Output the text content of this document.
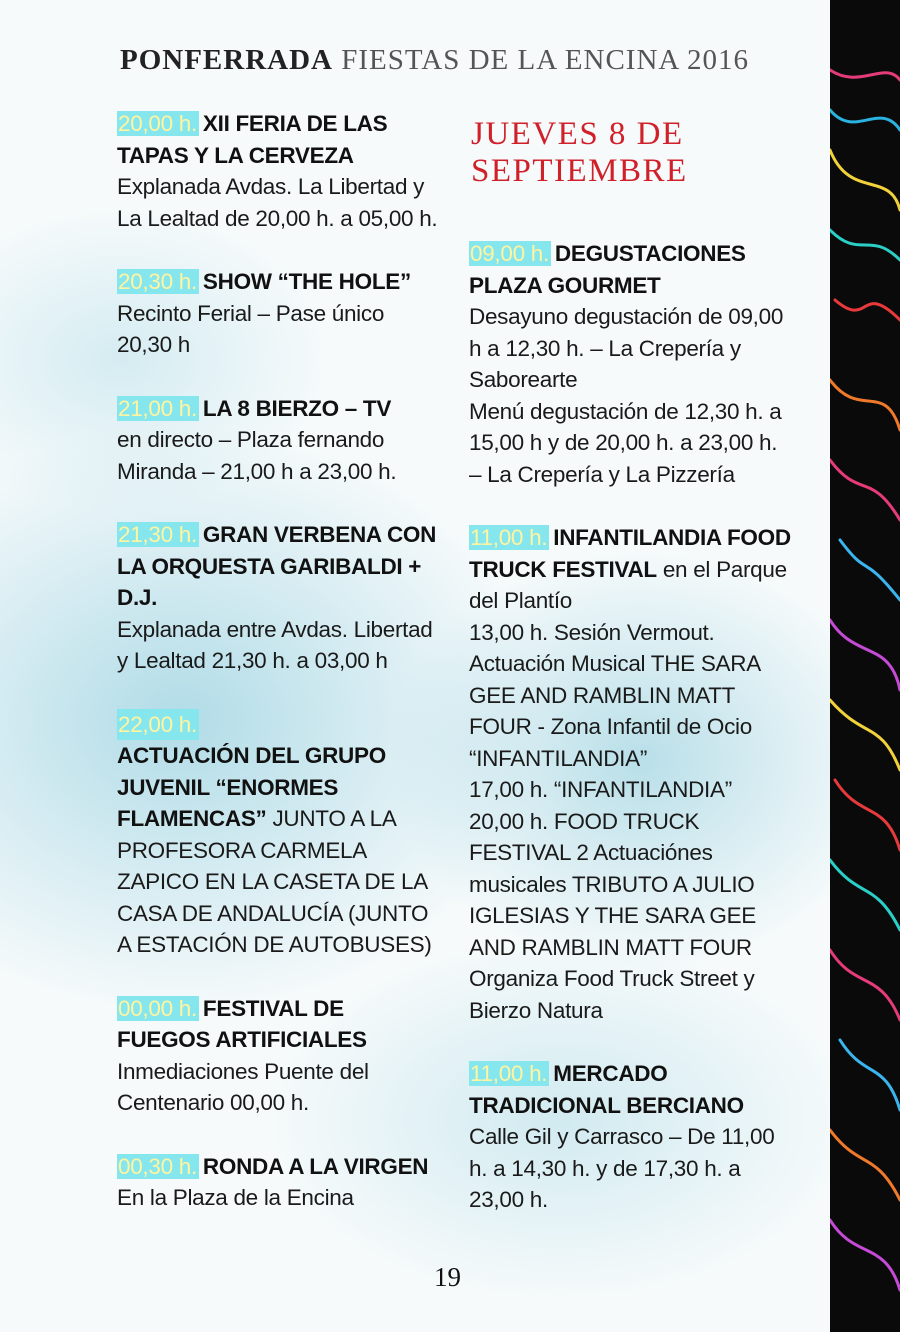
PONFERRADA FIESTAS DE LA ENCINA 2016
20,00 h. XII FERIA DE LAS TAPAS Y LA CERVEZA
Explanada Avdas. La Libertad y La Lealtad de 20,00 h. a 05,00 h.
20,30 h. SHOW “THE HOLE”
Recinto Ferial – Pase único 20,30 h
21,00 h. LA 8 BIERZO – TV
en directo – Plaza fernando Miranda – 21,00 h a 23,00 h.
21,30 h. GRAN VERBENA CON LA ORQUESTA GARIBALDI + D.J.
Explanada entre Avdas. Libertad y Lealtad 21,30 h. a 03,00 h
22,00 h.
ACTUACIÓN DEL GRUPO JUVENIL “ENORMES FLAMENCAS” JUNTO A LA PROFESORA CARMELA ZAPICO EN LA CASETA DE LA CASA DE ANDALUCÍA (JUNTO A ESTACIÓN DE AUTOBUSES)
00,00 h. FESTIVAL DE FUEGOS ARTIFICIALES
Inmediaciones Puente del Centenario 00,00 h.
00,30 h. RONDA A LA VIRGEN
En la Plaza de la Encina
JUEVES 8 DE
SEPTIEMBRE
09,00 h. DEGUSTACIONES PLAZA GOURMET
Desayuno degustación de 09,00 h a 12,30 h. – La Crepería y Saborearte
Menú degustación de 12,30 h. a 15,00 h y de 20,00 h. a 23,00 h. – La Crepería y La Pizzería
11,00 h. INFANTILANDIA FOOD TRUCK FESTIVAL en el Parque del Plantío
13,00 h. Sesión Vermout. Actuación Musical THE SARA GEE AND RAMBLIN MATT FOUR - Zona Infantil de Ocio “INFANTILANDIA”
17,00 h. “INFANTILANDIA”
20,00 h. FOOD TRUCK FESTIVAL 2 Actuaciónes musicales TRIBUTO A JULIO IGLESIAS Y THE SARA GEE AND RAMBLIN MATT FOUR
Organiza Food Truck Street y Bierzo Natura
11,00 h. MERCADO TRADICIONAL BERCIANO
Calle Gil y Carrasco – De 11,00 h. a 14,30 h. y de 17,30 h. a 23,00 h.
19
